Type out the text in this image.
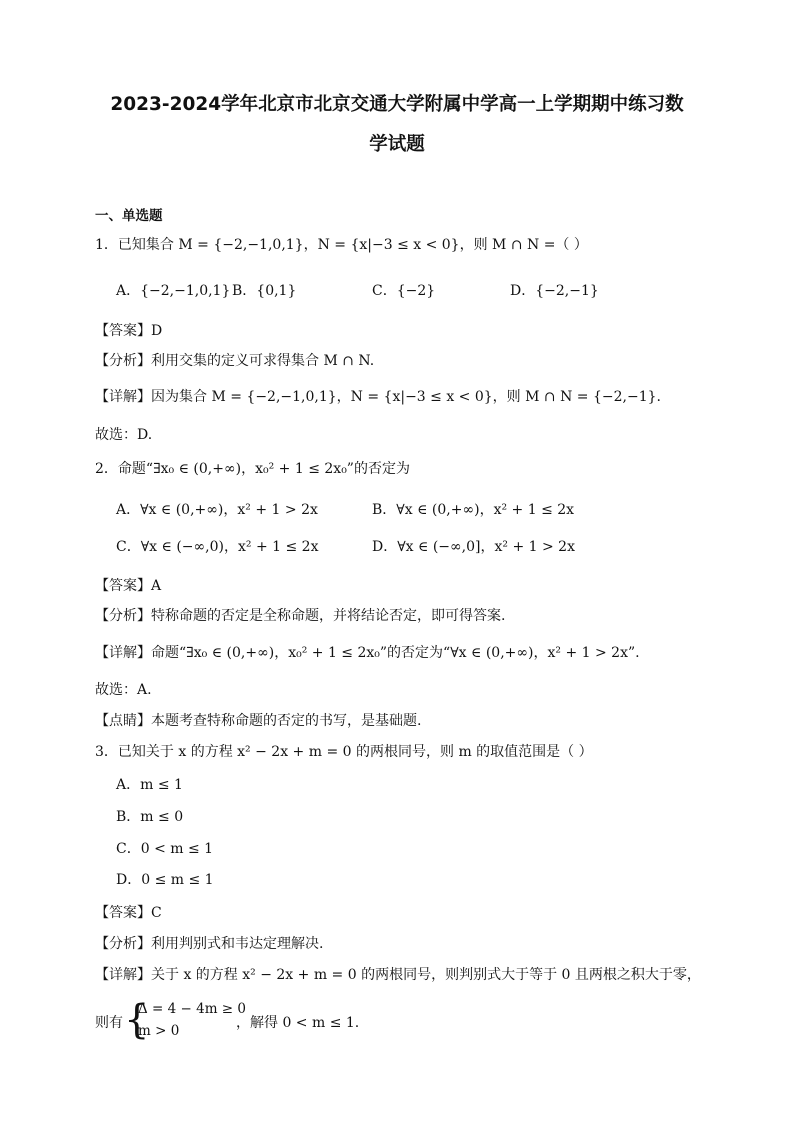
2023-2024学年北京市北京交通大学附属中学高一上学期期中练习数
学试题
一、单选题
1．已知集合 M = {−2,−1,0,1}，N = {x|−3 ≤ x < 0}，则 M ∩ N =（ ）
A．{−2,−1,0,1} B．{0,1}	C．{−2}	D．{−2,−1}
【答案】D
【分析】利用交集的定义可求得集合 M ∩ N.
【详解】因为集合 M = {−2,−1,0,1}，N = {x|−3 ≤ x < 0}，则 M ∩ N = {−2,−1}.
故选：D.
2．命题“∃x₀ ∈ (0,+∞)，x₀² + 1 ≤ 2x₀”的否定为
A．∀x ∈ (0,+∞)，x² + 1 > 2x	B．∀x ∈ (0,+∞)，x² + 1 ≤ 2x
C．∀x ∈ (−∞,0)，x² + 1 ≤ 2x	D．∀x ∈ (−∞,0]，x² + 1 > 2x
【答案】A
【分析】特称命题的否定是全称命题，并将结论否定，即可得答案.
【详解】命题“∃x₀ ∈ (0,+∞)，x₀² + 1 ≤ 2x₀”的否定为“∀x ∈ (0,+∞)，x² + 1 > 2x”.
故选：A.
【点睛】本题考查特称命题的否定的书写，是基础题.
3．已知关于 x 的方程 x² − 2x + m = 0 的两根同号，则 m 的取值范围是（ ）
A．m ≤ 1
B．m ≤ 0
C．0 < m ≤ 1
D．0 ≤ m ≤ 1
【答案】C
【分析】利用判别式和韦达定理解决.
【详解】关于 x 的方程 x² − 2x + m = 0 的两根同号，则判别式大于等于 0 且两根之积大于零，
则有 {
Δ = 4 − 4m ≥ 0
m > 0	，解得 0 < m ≤ 1.
